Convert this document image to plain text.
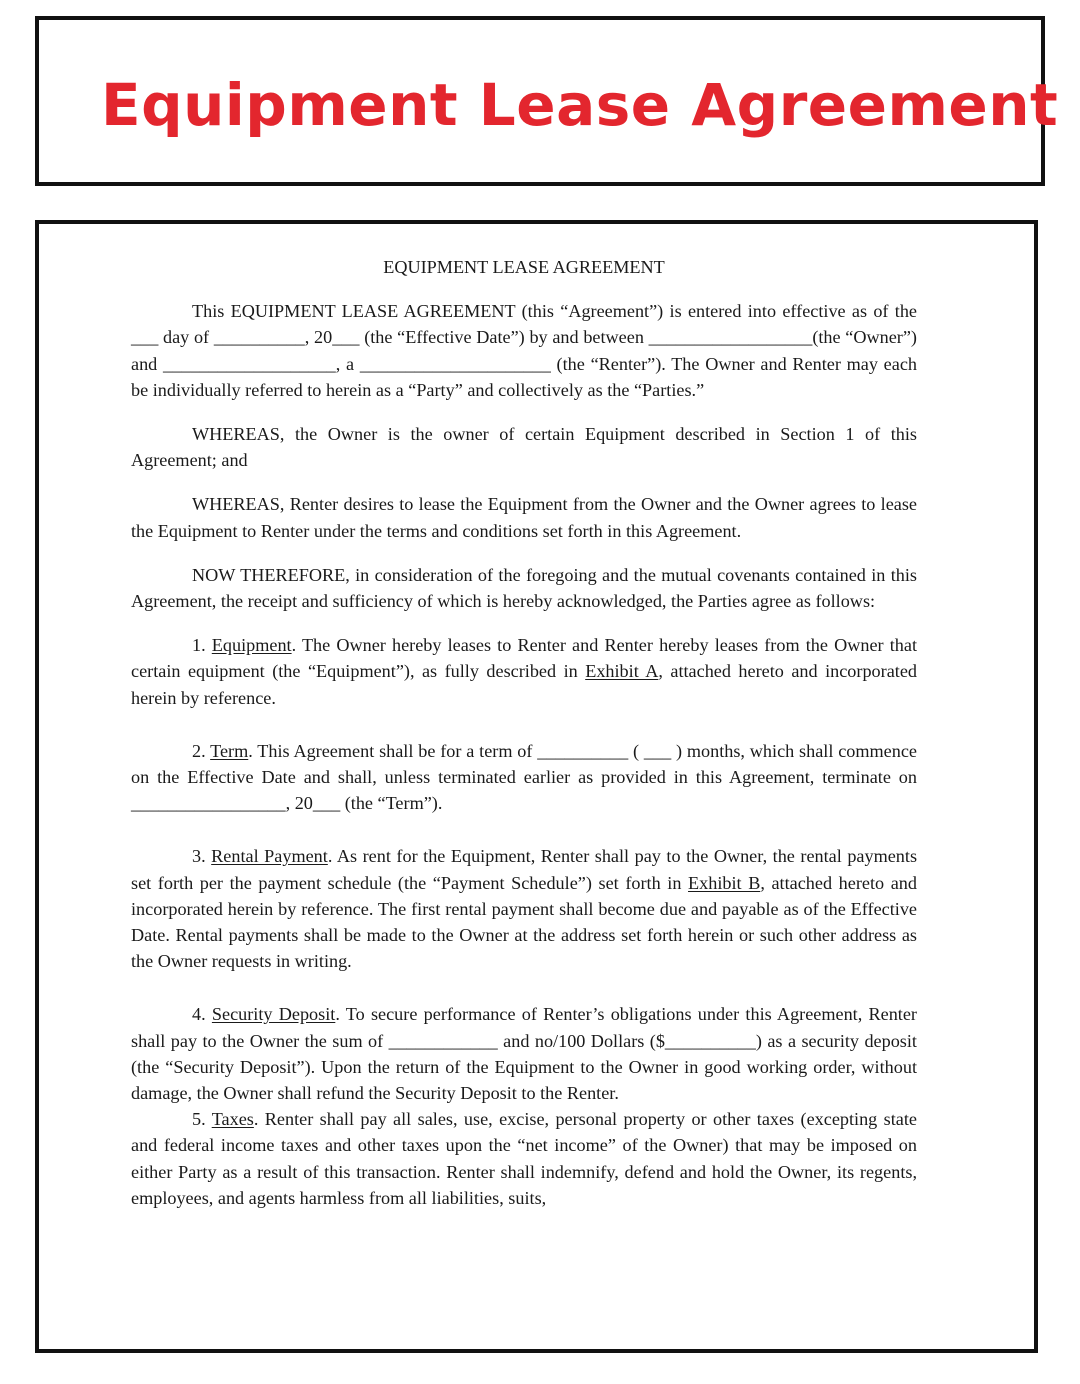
Equipment Lease Agreement
EQUIPMENT LEASE AGREEMENT

This EQUIPMENT LEASE AGREEMENT (this “Agreement”) is entered into effective as of the ___ day of __________, 20___ (the “Effective Date”) by and between __________________(the “Owner”) and ___________________, a _____________________ (the “Renter”). The Owner and Renter may each be individually referred to herein as a “Party” and collectively as the “Parties.”

WHEREAS, the Owner is the owner of certain Equipment described in Section 1 of this Agreement; and

WHEREAS, Renter desires to lease the Equipment from the Owner and the Owner agrees to lease the Equipment to Renter under the terms and conditions set forth in this Agreement.

NOW THEREFORE, in consideration of the foregoing and the mutual covenants contained in this Agreement, the receipt and sufficiency of which is hereby acknowledged, the Parties agree as follows:

1. Equipment. The Owner hereby leases to Renter and Renter hereby leases from the Owner that certain equipment (the “Equipment”), as fully described in Exhibit A, attached hereto and incorporated herein by reference.

2. Term. This Agreement shall be for a term of __________ ( ___ ) months, which shall commence on the Effective Date and shall, unless terminated earlier as provided in this Agreement, terminate on _________________, 20___ (the “Term”).

3. Rental Payment. As rent for the Equipment, Renter shall pay to the Owner, the rental payments set forth per the payment schedule (the “Payment Schedule”) set forth in Exhibit B, attached hereto and incorporated herein by reference. The first rental payment shall become due and payable as of the Effective Date. Rental payments shall be made to the Owner at the address set forth herein or such other address as the Owner requests in writing.

4. Security Deposit. To secure performance of Renter’s obligations under this Agreement, Renter shall pay to the Owner the sum of ____________ and no/100 Dollars ($__________) as a security deposit (the “Security Deposit”). Upon the return of the Equipment to the Owner in good working order, without damage, the Owner shall refund the Security Deposit to the Renter.

5. Taxes. Renter shall pay all sales, use, excise, personal property or other taxes (excepting state and federal income taxes and other taxes upon the “net income” of the Owner) that may be imposed on either Party as a result of this transaction. Renter shall indemnify, defend and hold the Owner, its regents, employees, and agents harmless from all liabilities, suits,
